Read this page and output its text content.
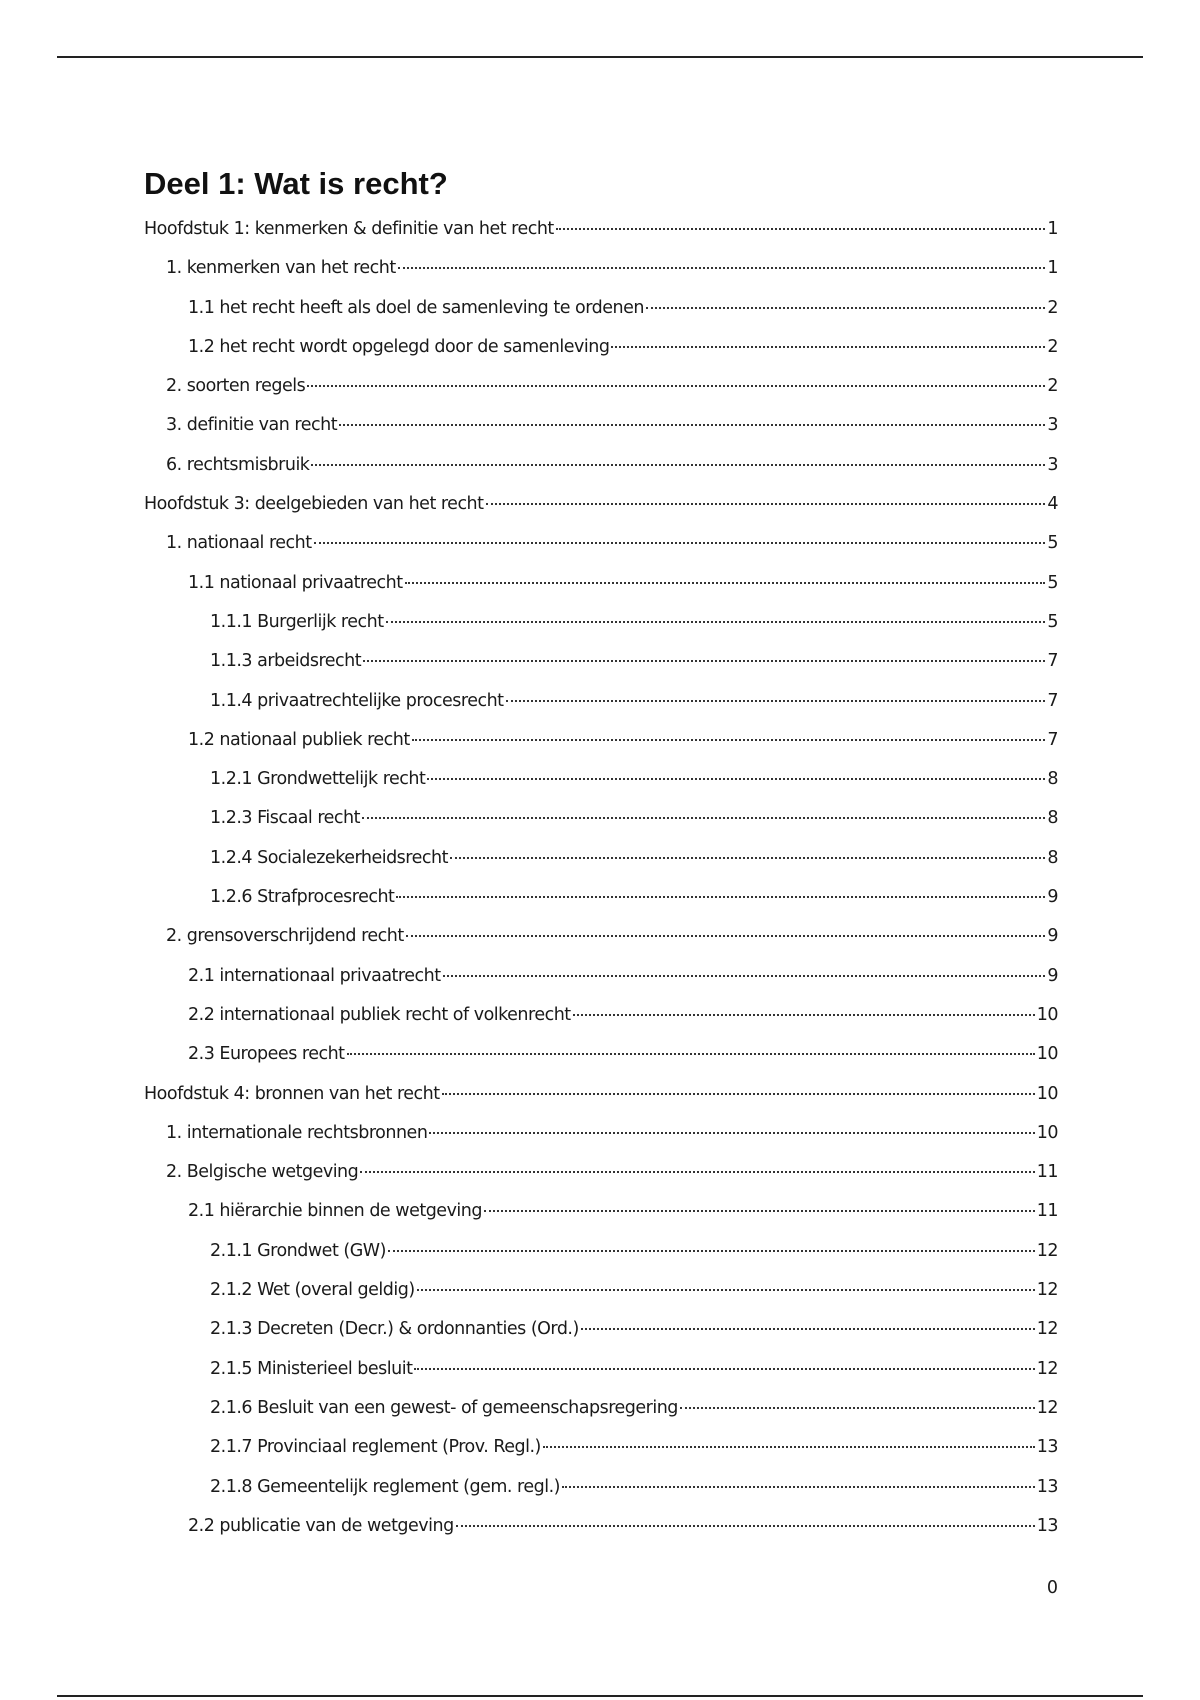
Deel 1: Wat is recht?
Hoofdstuk 1: kenmerken & definitie van het recht	1
1. kenmerken van het recht	1
1.1 het recht heeft als doel de samenleving te ordenen	2
1.2 het recht wordt opgelegd door de samenleving	2
2. soorten regels	2
3. definitie van recht	3
6. rechtsmisbruik	3
Hoofdstuk 3: deelgebieden van het recht	4
1. nationaal recht	5
1.1 nationaal privaatrecht	5
1.1.1 Burgerlijk recht	5
1.1.3 arbeidsrecht	7
1.1.4 privaatrechtelijke procesrecht	7
1.2 nationaal publiek recht	7
1.2.1 Grondwettelijk recht	8
1.2.3 Fiscaal recht	8
1.2.4 Socialezekerheidsrecht	8
1.2.6 Strafprocesrecht	9
2. grensoverschrijdend recht	9
2.1 internationaal privaatrecht	9
2.2 internationaal publiek recht of volkenrecht	10
2.3 Europees recht	10
Hoofdstuk 4: bronnen van het recht	10
1. internationale rechtsbronnen	10
2. Belgische wetgeving	11
2.1 hiërarchie binnen de wetgeving	11
2.1.1 Grondwet (GW)	12
2.1.2 Wet (overal geldig)	12
2.1.3 Decreten (Decr.) & ordonnanties (Ord.)	12
2.1.5 Ministerieel besluit	12
2.1.6 Besluit van een gewest- of gemeenschapsregering	12
2.1.7 Provinciaal reglement (Prov. Regl.)	13
2.1.8 Gemeentelijk reglement (gem. regl.)	13
2.2 publicatie van de wetgeving	13
0
